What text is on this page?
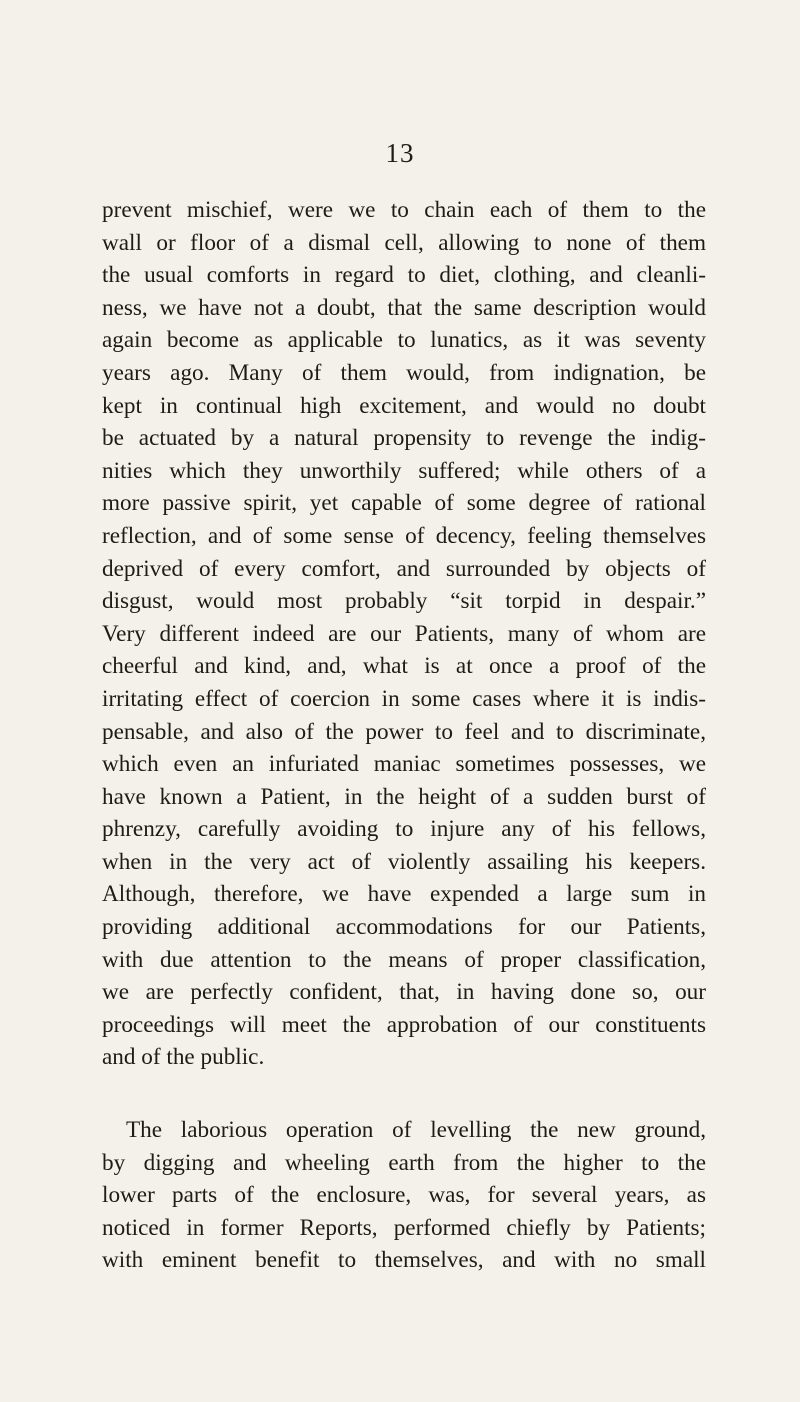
13
prevent mischief, were we to chain each of them to the
wall or floor of a dismal cell, allowing to none of them
the usual comforts in regard to diet, clothing, and cleanli-
ness, we have not a doubt, that the same description would
again become as applicable to lunatics, as it was seventy
years ago. Many of them would, from indignation, be
kept in continual high excitement, and would no doubt
be actuated by a natural propensity to revenge the indig-
nities which they unworthily suffered; while others of a
more passive spirit, yet capable of some degree of rational
reflection, and of some sense of decency, feeling themselves
deprived of every comfort, and surrounded by objects of
disgust, would most probably “sit torpid in despair.”
Very different indeed are our Patients, many of whom are
cheerful and kind, and, what is at once a proof of the
irritating effect of coercion in some cases where it is indis-
pensable, and also of the power to feel and to discriminate,
which even an infuriated maniac sometimes possesses, we
have known a Patient, in the height of a sudden burst of
phrenzy, carefully avoiding to injure any of his fellows,
when in the very act of violently assailing his keepers.
Although, therefore, we have expended a large sum in
providing additional accommodations for our Patients,
with due attention to the means of proper classification,
we are perfectly confident, that, in having done so, our
proceedings will meet the approbation of our constituents
and of the public.
The laborious operation of levelling the new ground,
by digging and wheeling earth from the higher to the
lower parts of the enclosure, was, for several years, as
noticed in former Reports, performed chiefly by Patients;
with eminent benefit to themselves, and with no small
